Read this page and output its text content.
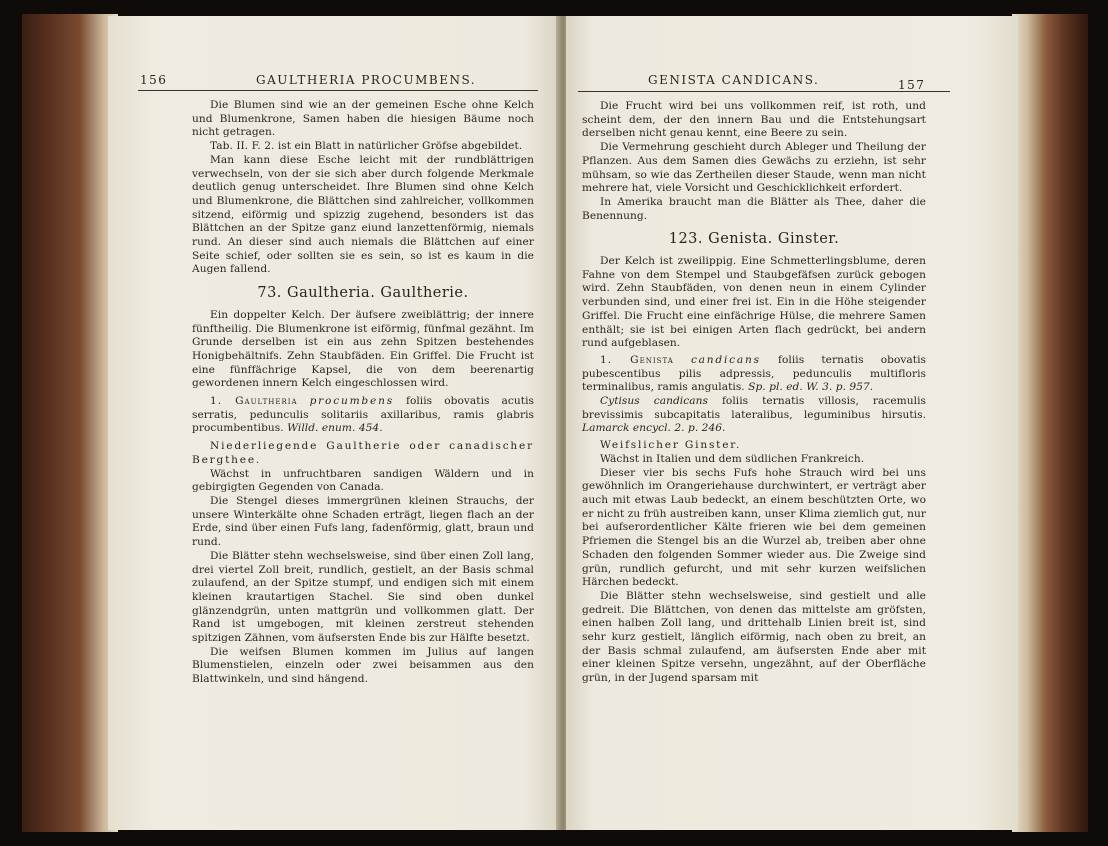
156	GAULTHERIA PROCUMBENS.

Die Blumen sind wie an der gemeinen Esche ohne Kelch und Blumenkrone, Samen haben die hiesigen Bäume noch nicht getragen.

Tab. II. F. 2. ist ein Blatt in natürlicher Gröfse abgebildet.

Man kann diese Esche leicht mit der rundblättrigen verwechseln, von der sie sich aber durch folgende Merkmale deutlich genug unterscheidet. Ihre Blumen sind ohne Kelch und Blumenkrone, die Blättchen sind zahlreicher, vollkommen sitzend, eiförmig und spizzig zugehend, besonders ist das Blättchen an der Spitze ganz eiund lanzettenförmig, niemals rund. An dieser sind auch niemals die Blättchen auf einer Seite schief, oder sollten sie es sein, so ist es kaum in die Augen fallend.

73. Gaultheria. Gaultherie.

Ein doppelter Kelch. Der äufsere zweiblättrig; der innere fünftheilig. Die Blumenkrone ist eiförmig, fünfmal gezähnt. Im Grunde derselben ist ein aus zehn Spitzen bestehendes Honigbehältnifs. Zehn Staubfäden. Ein Griffel. Die Frucht ist eine fünffächrige Kapsel, die von dem beerenartig gewordenen innern Kelch eingeschlossen wird.

1. Gaultheria procumbens foliis obovatis acutis serratis, pedunculis solitariis axillaribus, ramis glabris procumbentibus. Willd. enum. 454.

Niederliegende Gaultherie oder canadischer Bergthee.

Wächst in unfruchtbaren sandigen Wäldern und in gebirgigten Gegenden von Canada.

Die Stengel dieses immergrünen kleinen Strauchs, der unsere Winterkälte ohne Schaden erträgt, liegen flach an der Erde, sind über einen Fufs lang, fadenförmig, glatt, braun und rund.

Die Blätter stehn wechselsweise, sind über einen Zoll lang, drei viertel Zoll breit, rundlich, gestielt, an der Basis schmal zulaufend, an der Spitze stumpf, und endigen sich mit einem kleinen krautartigen Stachel. Sie sind oben dunkel glänzendgrün, unten mattgrün und vollkommen glatt. Der Rand ist umgebogen, mit kleinen zerstreut stehenden spitzigen Zähnen, vom äufsersten Ende bis zur Hälfte besetzt.

Die weifsen Blumen kommen im Julius auf langen Blumenstielen, einzeln oder zwei beisammen aus den Blattwinkeln, und sind hängend.

GENISTA CANDICANS.	157

Die Frucht wird bei uns vollkommen reif, ist roth, und scheint dem, der den innern Bau und die Entstehungsart derselben nicht genau kennt, eine Beere zu sein.

Die Vermehrung geschieht durch Ableger und Theilung der Pflanzen. Aus dem Samen dies Gewächs zu erziehn, ist sehr mühsam, so wie das Zertheilen dieser Staude, wenn man nicht mehrere hat, viele Vorsicht und Geschicklichkeit erfordert.

In Amerika braucht man die Blätter als Thee, daher die Benennung.

123. Genista. Ginster.

Der Kelch ist zweilippig. Eine Schmetterlingsblume, deren Fahne von dem Stempel und Staubgefäfsen zurück gebogen wird. Zehn Staubfäden, von denen neun in einem Cylinder verbunden sind, und einer frei ist. Ein in die Höhe steigender Griffel. Die Frucht eine einfächrige Hülse, die mehrere Samen enthält; sie ist bei einigen Arten flach gedrückt, bei andern rund aufgeblasen.

1. Genista candicans foliis ternatis obovatis pubescentibus pilis adpressis, pedunculis multifloris terminalibus, ramis angulatis. Sp. pl. ed. W. 3. p. 957.

Cytisus candicans foliis ternatis villosis, racemulis brevissimis subcapitatis lateralibus, leguminibus hirsutis. Lamarck encycl. 2. p. 246.

Weifslicher Ginster.

Wächst in Italien und dem südlichen Frankreich.

Dieser vier bis sechs Fufs hohe Strauch wird bei uns gewöhnlich im Orangeriehause durchwintert, er verträgt aber auch mit etwas Laub bedeckt, an einem beschützten Orte, wo er nicht zu früh austreiben kann, unser Klima ziemlich gut, nur bei aufserordentlicher Kälte frieren wie bei dem gemeinen Pfriemen die Stengel bis an die Wurzel ab, treiben aber ohne Schaden den folgenden Sommer wieder aus. Die Zweige sind grün, rundlich gefurcht, und mit sehr kurzen weifslichen Härchen bedeckt.

Die Blätter stehn wechselsweise, sind gestielt und alle gedreit. Die Blättchen, von denen das mittelste am gröfsten, einen halben Zoll lang, und drittehalb Linien breit ist, sind sehr kurz gestielt, länglich eiförmig, nach oben zu breit, an der Basis schmal zulaufend, am äufsersten Ende aber mit einer kleinen Spitze versehn, ungezähnt, auf der Oberfläche grün, in der Jugend sparsam mit
